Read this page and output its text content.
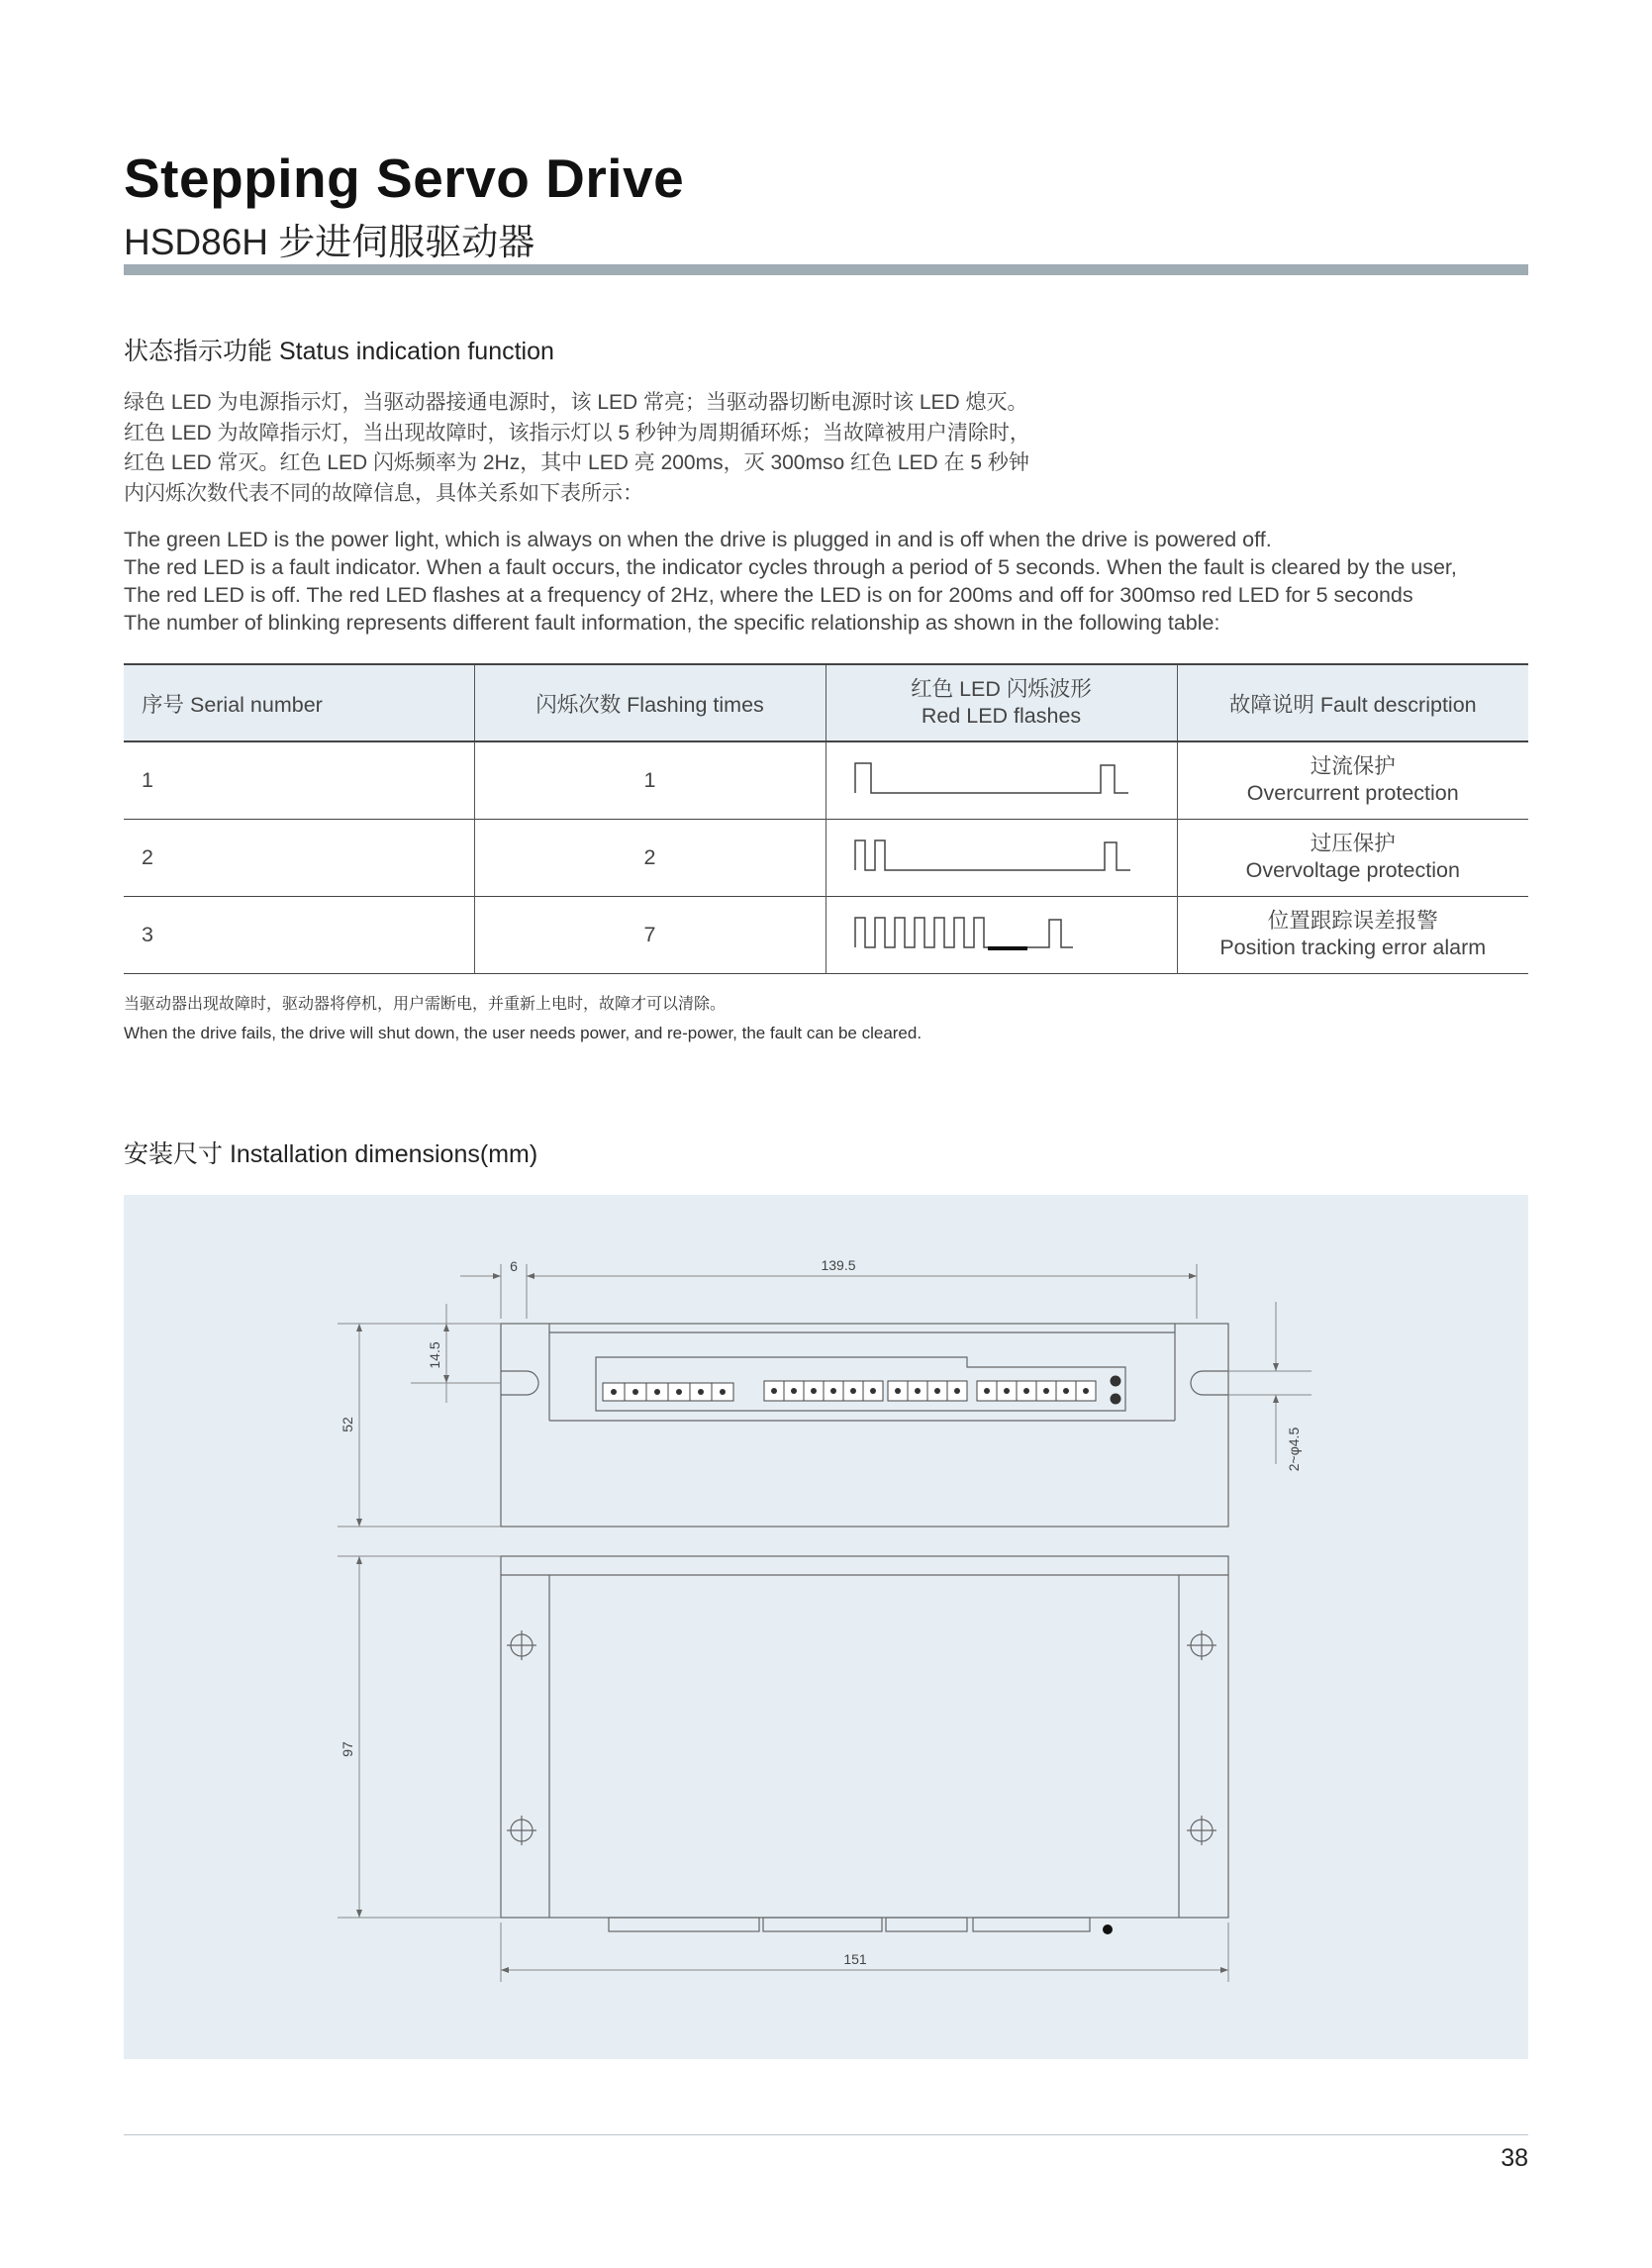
Stepping Servo Drive
HSD86H 步进伺服驱动器
状态指示功能 Status indication function
绿色 LED 为电源指示灯，当驱动器接通电源时，该 LED 常亮；当驱动器切断电源时该 LED 熄灭。
红色 LED 为故障指示灯，当出现故障时，该指示灯以 5 秒钟为周期循环烁；当故障被用户清除时，
红色 LED 常灭。红色 LED 闪烁频率为 2Hz，其中 LED 亮 200ms，灭 300mso 红色 LED 在 5 秒钟
内闪烁次数代表不同的故障信息，具体关系如下表所示：
The green LED is the power light, which is always on when the drive is plugged in and is off when the drive is powered off.
The red LED is a fault indicator. When a fault occurs, the indicator cycles through a period of 5 seconds. When the fault is cleared by the user,
The red LED is off. The red LED flashes at a frequency of 2Hz, where the LED is on for 200ms and off for 300mso red LED for 5 seconds
The number of blinking represents different fault information, the specific relationship as shown in the following table:
序号 Serial number	闪烁次数 Flashing times	红色 LED 闪烁波形
Red LED flashes	故障说明 Fault description
1	1		过流保护
Overcurrent protection

2	2		过压保护
Overvoltage protection

3	7		位置跟踪误差报警
Position tracking error alarm
当驱动器出现故障时，驱动器将停机，用户需断电，并重新上电时，故障才可以清除。
When the drive fails, the drive will shut down, the user needs power, and re-power, the fault can be cleared.
安装尺寸 Installation dimensions(mm)
6	139.5
14.5
52
2~φ4.5
97
151
38
